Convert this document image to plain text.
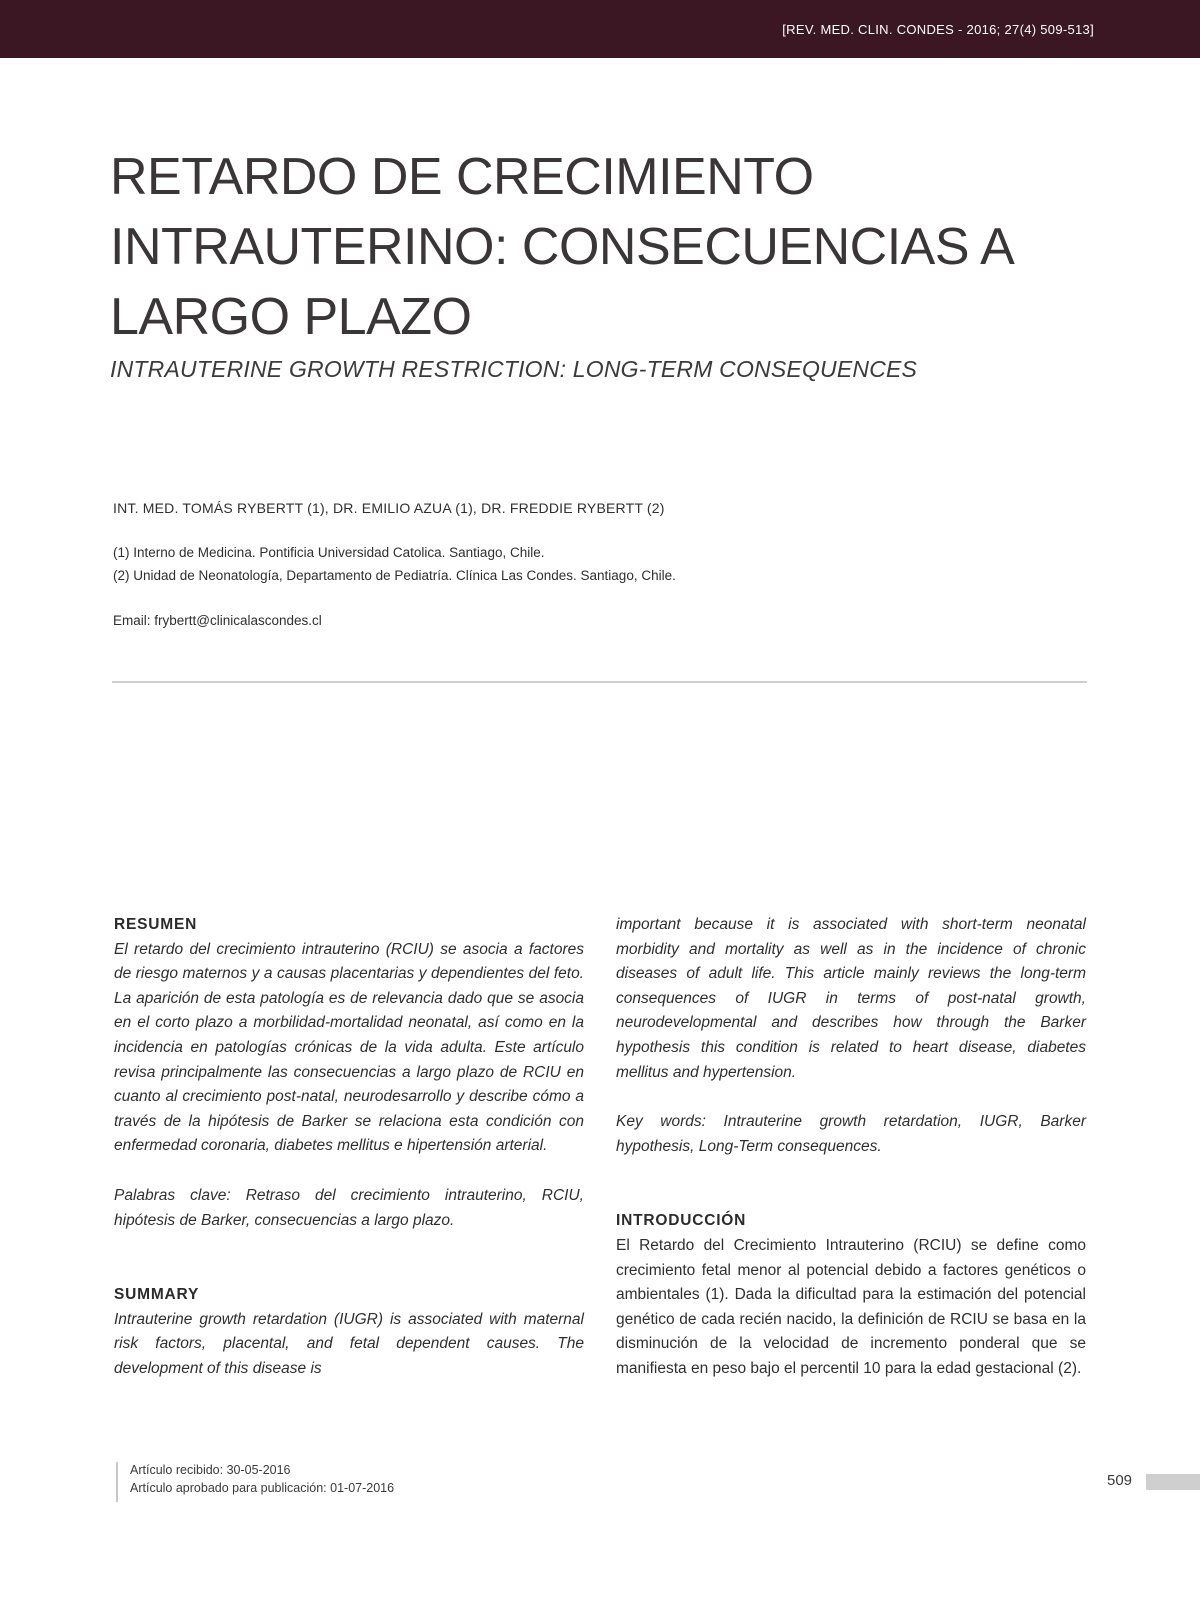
[REV. MED. CLIN. CONDES - 2016; 27(4) 509-513]
RETARDO DE CRECIMIENTO
INTRAUTERINO: CONSECUENCIAS A
LARGO PLAZO
INTRAUTERINE GROWTH RESTRICTION: LONG-TERM CONSEQUENCES
INT. MED. TOMÁS RYBERTT (1), DR. EMILIO AZUA (1), DR. FREDDIE RYBERTT (2)
(1) Interno de Medicina. Pontificia Universidad Catolica. Santiago, Chile.
(2) Unidad de Neonatología, Departamento de Pediatría. Clínica Las Condes. Santiago, Chile.
Email: frybertt@clinicalascondes.cl
RESUMEN

El retardo del crecimiento intrauterino (RCIU) se asocia a factores de riesgo maternos y a causas placentarias y dependientes del feto. La aparición de esta patología es de relevancia dado que se asocia en el corto plazo a morbilidad-mortalidad neonatal, así como en la incidencia en patologías crónicas de la vida adulta. Este artículo revisa principalmente las consecuencias a largo plazo de RCIU en cuanto al crecimiento post-natal, neurodesarrollo y describe cómo a través de la hipótesis de Barker se relaciona esta condición con enfermedad coronaria, diabetes mellitus e hipertensión arterial.

Palabras clave: Retraso del crecimiento intrauterino, RCIU, hipótesis de Barker, consecuencias a largo plazo.

SUMMARY

Intrauterine growth retardation (IUGR) is associated with maternal risk factors, placental, and fetal dependent causes. The development of this disease is

important because it is associated with short-term neonatal morbidity and mortality as well as in the incidence of chronic diseases of adult life. This article mainly reviews the long-term consequences of IUGR in terms of post-natal growth, neurodevelopmental and describes how through the Barker hypothesis this condition is related to heart disease, diabetes mellitus and hypertension.

Key words: Intrauterine growth retardation, IUGR, Barker hypothesis, Long-Term consequences.

INTRODUCCIÓN

El Retardo del Crecimiento Intrauterino (RCIU) se define como crecimiento fetal menor al potencial debido a factores genéticos o ambientales (1). Dada la dificultad para la estimación del potencial genético de cada recién nacido, la definición de RCIU se basa en la disminución de la velocidad de incremento ponderal que se manifiesta en peso bajo el percentil 10 para la edad gestacional (2).

Artículo recibido: 30-05-2016
Artículo aprobado para publicación: 01-07-2016	509
